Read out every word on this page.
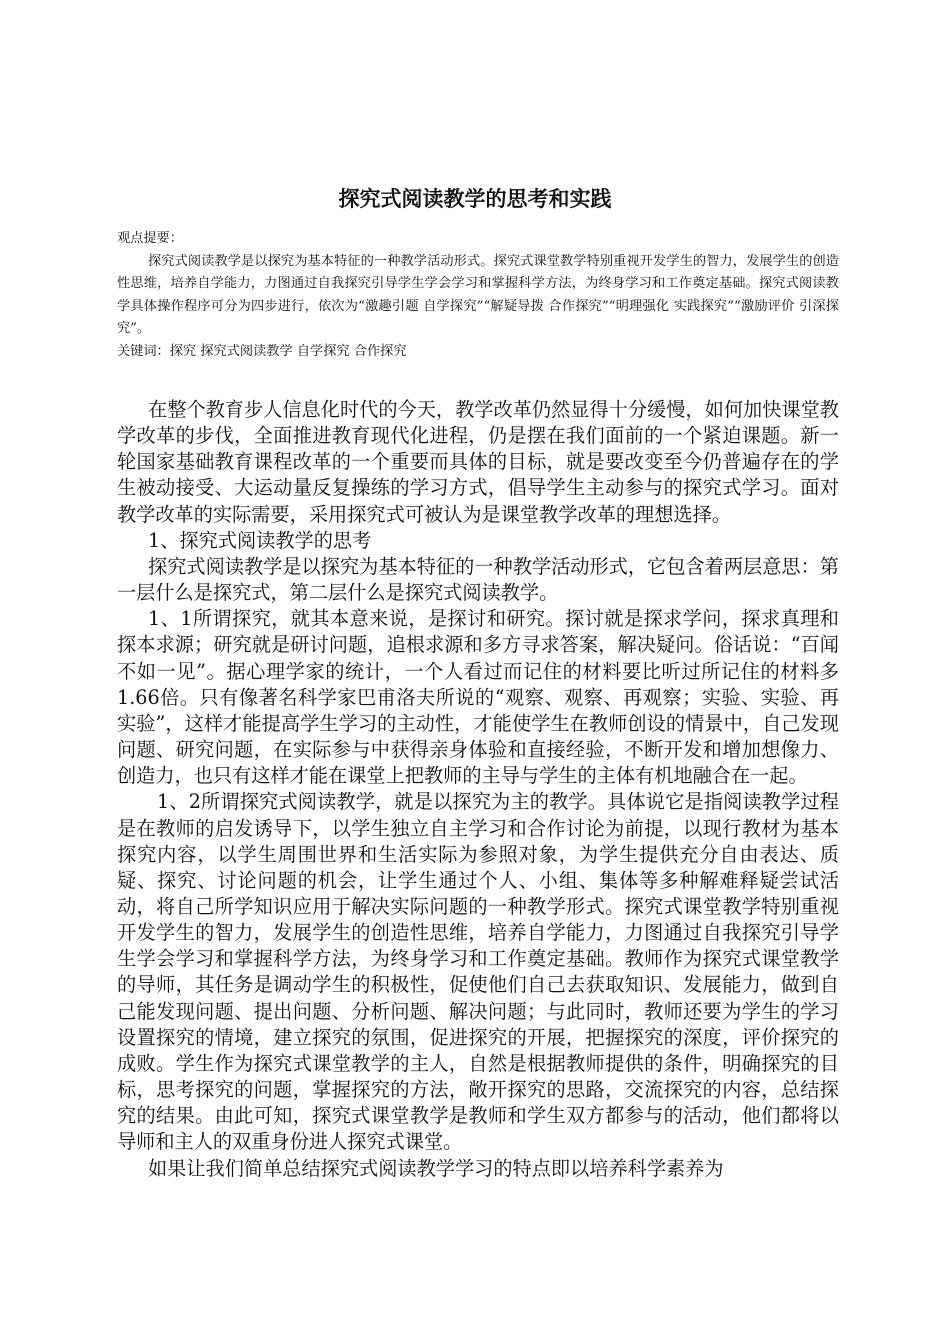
探究式阅读教学的思考和实践

观点提要：

探究式阅读教学是以探究为基本特征的一种教学活动形式。探究式课堂教学特别重视开发学生的智力，发展学生的创造性思维，培养自学能力，力图通过自我探究引导学生学会学习和掌握科学方法，为终身学习和工作奠定基础。探究式阅读教学具体操作程序可分为四步进行，依次为“激趣引题 自学探究”“解疑导拨 合作探究”“明理强化 实践探究”“激励评价 引深探究”。

关键词：探究 探究式阅读教学 自学探究 合作探究

在整个教育步人信息化时代的今天，教学改革仍然显得十分缓慢，如何加快课堂教学改革的步伐，全面推进教育现代化进程，仍是摆在我们面前的一个紧迫课题。新一轮国家基础教育课程改革的一个重要而具体的目标，就是要改变至今仍普遍存在的学生被动接受、大运动量反复操练的学习方式，倡导学生主动参与的探究式学习。面对教学改革的实际需要，采用探究式可被认为是课堂教学改革的理想选择。

1、探究式阅读教学的思考

探究式阅读教学是以探究为基本特征的一种教学活动形式，它包含着两层意思：第一层什么是探究式，第二层什么是探究式阅读教学。

1、1所谓探究，就其本意来说，是探讨和研究。探讨就是探求学问，探求真理和探本求源；研究就是研讨问题，追根求源和多方寻求答案，解决疑问。俗话说：“百闻不如一见”。据心理学家的统计，一个人看过而记住的材料要比听过所记住的材料多1.66倍。只有像著名科学家巴甫洛夫所说的“观察、观察、再观察；实验、实验、再实验”，这样才能提高学生学习的主动性，才能使学生在教师创设的情景中，自己发现问题、研究问题，在实际参与中获得亲身体验和直接经验，不断开发和增加想像力、创造力，也只有这样才能在课堂上把教师的主导与学生的主体有机地融合在一起。

1、2所谓探究式阅读教学，就是以探究为主的教学。具体说它是指阅读教学过程是在教师的启发诱导下，以学生独立自主学习和合作讨论为前提，以现行教材为基本探究内容，以学生周围世界和生活实际为参照对象，为学生提供充分自由表达、质疑、探究、讨论问题的机会，让学生通过个人、小组、集体等多种解难释疑尝试活动，将自己所学知识应用于解决实际问题的一种教学形式。探究式课堂教学特别重视开发学生的智力，发展学生的创造性思维，培养自学能力，力图通过自我探究引导学生学会学习和掌握科学方法，为终身学习和工作奠定基础。教师作为探究式课堂教学的导师，其任务是调动学生的积极性，促使他们自己去获取知识、发展能力，做到自己能发现问题、提出问题、分析问题、解决问题；与此同时，教师还要为学生的学习设置探究的情境，建立探究的氛围，促进探究的开展，把握探究的深度，评价探究的成败。学生作为探究式课堂教学的主人，自然是根据教师提供的条件，明确探究的目标，思考探究的问题，掌握探究的方法，敞开探究的思路，交流探究的内容，总结探究的结果。由此可知，探究式课堂教学是教师和学生双方都参与的活动，他们都将以导师和主人的双重身份进人探究式课堂。

如果让我们简单总结探究式阅读教学学习的特点即以培养科学素养为
